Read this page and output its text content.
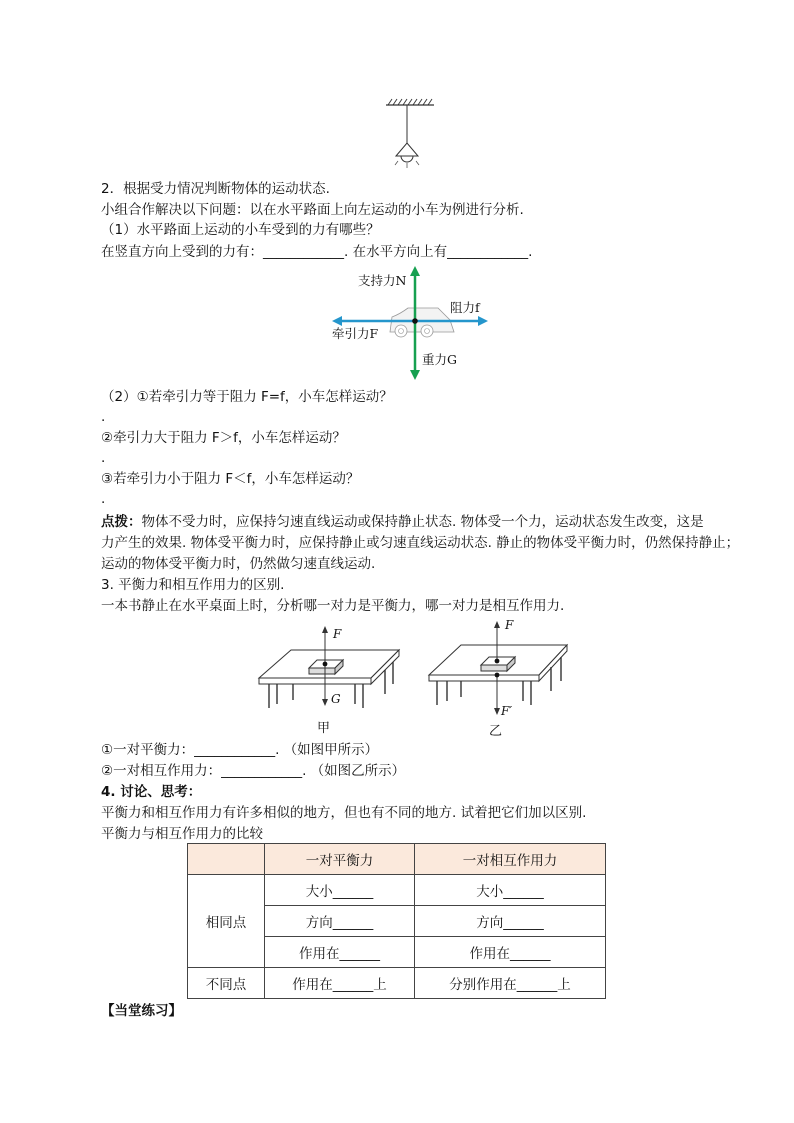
2．根据受力情况判断物体的运动状态.
小组合作解决以下问题：以在水平路面上向左运动的小车为例进行分析.
（1）水平路面上运动的小车受到的力有哪些？
在竖直方向上受到的力有：____________. 在水平方向上有____________.
支持力N
阻力f
牵引力F
重力G
（2）①若牵引力等于阻力 F=f，小车怎样运动？
.
②牵引力大于阻力 F＞f，小车怎样运动？
.
③若牵引力小于阻力 F＜f，小车怎样运动？
.
点拨：物体不受力时，应保持匀速直线运动或保持静止状态. 物体受一个力，运动状态发生改变，这是
力产生的效果. 物体受平衡力时，应保持静止或匀速直线运动状态. 静止的物体受平衡力时，仍然保持静止；
运动的物体受平衡力时，仍然做匀速直线运动.
3. 平衡力和相互作用力的区别.
一本书静止在水平桌面上时，分析哪一对力是平衡力，哪一对力是相互作用力.
F
G
甲
F
F′
乙
①一对平衡力：____________. （如图甲所示）
②一对相互作用力：____________. （如图乙所示）
4. 讨论、思考：
平衡力和相互作用力有许多相似的地方，但也有不同的地方. 试着把它们加以区别.
平衡力与相互作用力的比较
	一对平衡力	一对相互作用力
相同点	大小______	大小______
	方向______	方向______
	作用在______	作用在______
不同点	作用在______上	分别作用在______上
【当堂练习】
